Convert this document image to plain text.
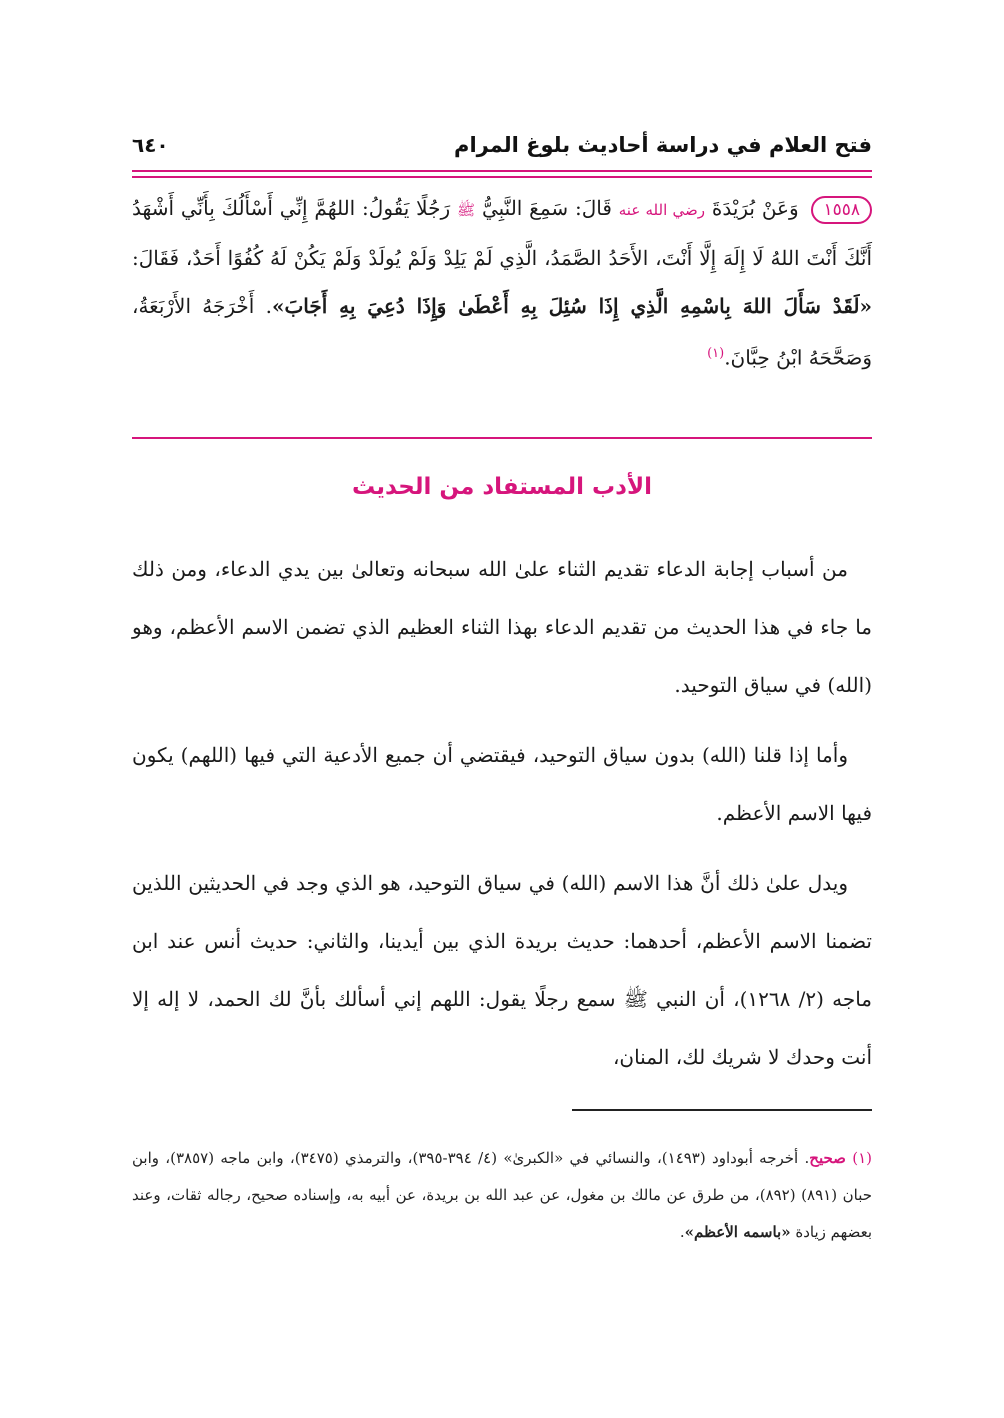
فتح العلام في دراسة أحاديث بلوغ المرام
٦٤٠
١٥٥٨ وَعَنْ بُرَيْدَةَ رضي الله عنه قَالَ: سَمِعَ النَّبِيُّ ﷺ رَجُلًا يَقُولُ: اللهُمَّ إِنِّي أَسْأَلُكَ بِأَنِّي أَشْهَدُ أَنَّكَ أَنْتَ اللهُ لَا إِلَهَ إِلَّا أَنْتَ، الأَحَدُ الصَّمَدُ، الَّذِي لَمْ يَلِدْ وَلَمْ يُولَدْ وَلَمْ يَكُنْ لَهُ كُفُوًا أَحَدٌ، فَقَالَ: «لَقَدْ سَأَلَ اللهَ بِاسْمِهِ الَّذِي إِذَا سُئِلَ بِهِ أَعْطَىٰ وَإِذَا دُعِيَ بِهِ أَجَابَ». أَخْرَجَهُ الأَرْبَعَةُ، وَصَحَّحَهُ ابْنُ حِبَّانَ.$^{(١)}$
الأدب المستفاد من الحديث

من أسباب إجابة الدعاء تقديم الثناء علىٰ الله سبحانه وتعالىٰ بين يدي الدعاء، ومن ذلك ما جاء في هذا الحديث من تقديم الدعاء بهذا الثناء العظيم الذي تضمن الاسم الأعظم، وهو (الله) في سياق التوحيد.

وأما إذا قلنا (الله) بدون سياق التوحيد، فيقتضي أن جميع الأدعية التي فيها (اللهم) يكون فيها الاسم الأعظم.

ويدل علىٰ ذلك أنَّ هذا الاسم (الله) في سياق التوحيد، هو الذي وجد في الحديثين اللذين تضمنا الاسم الأعظم، أحدهما: حديث بريدة الذي بين أيدينا، والثاني: حديث أنس عند ابن ماجه (٢/ ١٢٦٨)، أن النبي ﷺ سمع رجلًا يقول: اللهم إني أسألك بأنَّ لك الحمد، لا إله إلا أنت وحدك لا شريك لك، المنان،

(١) صحيح. أخرجه أبوداود (١٤٩٣)، والنسائي في «الكبرىٰ» (٤/ ٣٩٤-٣٩٥)، والترمذي (٣٤٧٥)، وابن ماجه (٣٨٥٧)، وابن حبان (٨٩١) (٨٩٢)، من طرق عن مالك بن مغول، عن عبد الله بن بريدة، عن أبيه به، وإسناده صحيح، رجاله ثقات، وعند بعضهم زيادة «باسمه الأعظم».
